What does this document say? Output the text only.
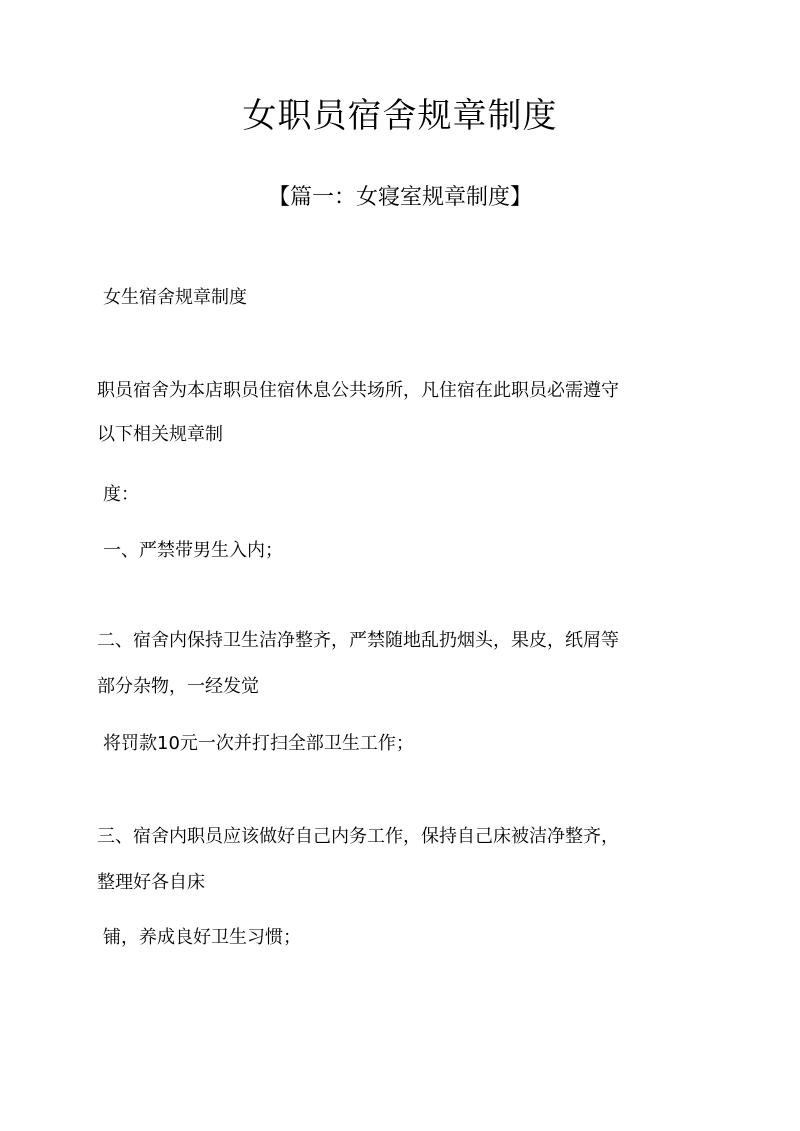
女职员宿舍规章制度
【篇一：女寝室规章制度】
女生宿舍规章制度
职员宿舍为本店职员住宿休息公共场所，凡住宿在此职员必需遵守
以下相关规章制
度：
一、严禁带男生入内；
二、宿舍内保持卫生洁净整齐，严禁随地乱扔烟头，果皮，纸屑等
部分杂物，一经发觉
将罚款10元一次并打扫全部卫生工作；
三、宿舍内职员应该做好自己内务工作，保持自己床被洁净整齐，
整理好各自床
铺，养成良好卫生习惯；
